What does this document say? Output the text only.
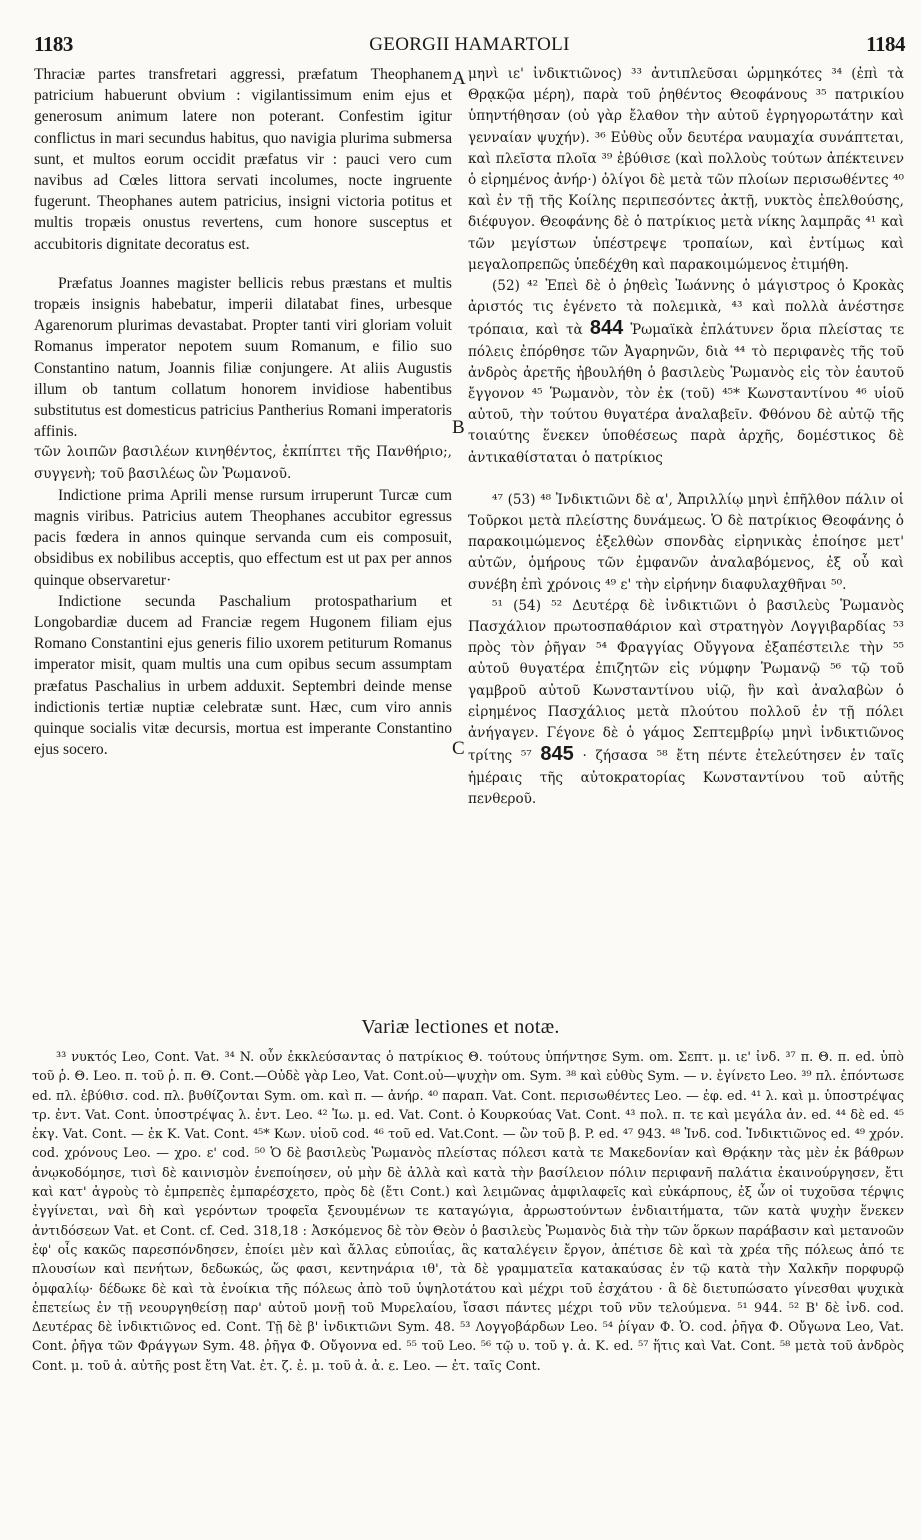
1183	GEORGII HAMARTOLI	1184

Thraciæ partes transfretari aggressi, præfatum Theophanem patricium habuerunt obvium : vigilantissimum enim ejus et generosum animum latere non poterant. Confestim igitur conflictus in mari secundus habitus, quo navigia plurima submersa sunt, et multos eorum occidit præfatus vir : pauci vero cum navibus ad Cœles littora servati incolumes, nocte ingruente fugerunt. Theophanes autem patricius, insigni victoria potitus et multis tropæis onustus revertens, cum honore susceptus et accubitoris dignitate decoratus est.

Præfatus Joannes magister bellicis rebus præstans et multis tropæis insignis habebatur, imperii dilatabat fines, urbesque Agarenorum plurimas devastabat. Propter tanti viri gloriam voluit Romanus imperator nepotem suum Romanum, e filio suo Constantino natum, Joannis filiæ conjungere. At aliis Augustis illum ob tantum collatum honorem invidiose habentibus substitutus est domesticus patricius Pantherius Romani imperatoris affinis.

τῶν λοιπῶν βασιλέων κινηθέντος, ἐκπίπτει τῆς Πανθήριο;, συγγενὴ; τοῦ βασιλέως ὢν Ῥωμανοῦ.

Indictione prima Aprili mense rursum irruperunt Turcæ cum magnis viribus. Patricius autem Theophanes accubitor egressus pacis fœdera in annos quinque servanda cum eis composuit, obsidibus ex nobilibus acceptis, quo effectum est ut pax per annos quinque observaretur·

Indictione secunda Paschalium protospatharium et Longobardiæ ducem ad Franciæ regem Hugonem filiam ejus Romano Constantini ejus generis filio uxorem petiturum Romanus imperator misit, quam multis una cum opibus secum assumptam præfatus Paschalius in urbem adduxit. Septembri deinde mense indictionis tertiæ nuptiæ celebratæ sunt. Hæc, cum viro annis quinque socialis vitæ decursis, mortua est imperante Constantino ejus socero.

A
B
C

μηνὶ ιε' ἰνδικτιῶνος) ³³ ἀντιπλεῦσαι ὡρμηκότες ³⁴ (ἐπὶ τὰ Θρᾳκῷα μέρη), παρὰ τοῦ ῥηθέντος Θεοφάνους ³⁵ πατρικίου ὑπηντήθησαν (οὐ γὰρ ἔλαθον τὴν αὐτοῦ ἐγρηγορωτάτην καὶ γενναίαν ψυχήν). ³⁶ Εὐθὺς οὖν δευτέρα ναυμαχία συνάπτεται, καὶ πλεῖστα πλοῖα ³⁹ ἐβύθισε (καὶ πολλοὺς τούτων ἀπέκτεινεν ὁ εἰρημένος ἀνήρ·) ὀλίγοι δὲ μετὰ τῶν πλοίων περισωθέντες ⁴⁰ καὶ ἐν τῇ τῆς Κοίλης περιπεσόντες ἀκτῇ, νυκτὸς ἐπελθούσης, διέφυγον. Θεοφάνης δὲ ὁ πατρίκιος μετὰ νίκης λαμπρᾶς ⁴¹ καὶ τῶν μεγίστων ὑπέστρεψε τροπαίων, καὶ ἐντίμως καὶ μεγαλοπρεπῶς ὑπεδέχθη καὶ παρακοιμώμενος ἐτιμήθη.

(52) ⁴² Ἐπεὶ δὲ ὁ ῥηθεὶς Ἰωάννης ὁ μάγιστρος ὁ Κροκὰς ἀριστός τις ἐγένετο τὰ πολεμικὰ, ⁴³ καὶ πολλὰ ἀνέστησε τρόπαια, καὶ τὰ 844 Ῥωμαϊκὰ ἐπλάτυνεν ὅρια πλείστας τε πόλεις ἐπόρθησε τῶν Ἀγαρηνῶν, διὰ ⁴⁴ τὸ περιφανὲς τῆς τοῦ ἀνδρὸς ἀρετῆς ἠβουλήθη ὁ βασιλεὺς Ῥωμανὸς εἰς τὸν ἑαυτοῦ ἔγγονον ⁴⁵ Ῥωμανὸν, τὸν ἐκ (τοῦ) ⁴⁵* Κωνσταντίνου ⁴⁶ υἱοῦ αὐτοῦ, τὴν τούτου θυγατέρα ἀναλαβεῖν. Φθόνου δὲ αὐτῷ τῆς τοιαύτης ἕνεκεν ὑποθέσεως παρὰ ἀρχῆς, δομέστικος δὲ ἀντικαθίσταται ὁ πατρίκιος

⁴⁷ (53) ⁴⁸ Ἰνδικτιῶνι δὲ α', Ἀπριλλίῳ μηνὶ ἐπῆλθον πάλιν οἱ Τοῦρκοι μετὰ πλείστης δυνάμεως. Ὁ δὲ πατρίκιος Θεοφάνης ὁ παρακοιμώμενος ἐξελθὼν σπονδὰς εἰρηνικὰς ἐποίησε μετ' αὐτῶν, ὁμήρους τῶν ἐμφανῶν ἀναλαβόμενος, ἐξ οὗ καὶ συνέβη ἐπὶ χρόνοις ⁴⁹ ε' τὴν εἰρήνην διαφυλαχθῆναι ⁵⁰.

⁵¹ (54) ⁵² Δευτέρᾳ δὲ ἰνδικτιῶνι ὁ βασιλεὺς Ῥωμανὸς Πασχάλιον πρωτοσπαθάριον καὶ στρατηγὸν Λογγιβαρδίας ⁵³ πρὸς τὸν ῥῆγαν ⁵⁴ Φραγγίας Οὔγγονα ἐξαπέστειλε τὴν ⁵⁵ αὐτοῦ θυγατέρα ἐπιζητῶν εἰς νύμφην Ῥωμανῷ ⁵⁶ τῷ τοῦ γαμβροῦ αὐτοῦ Κωνσταντίνου υἱῷ, ἣν καὶ ἀναλαβὼν ὁ εἰρημένος Πασχάλιος μετὰ πλούτου πολλοῦ ἐν τῇ πόλει ἀνήγαγεν. Γέγονε δὲ ὁ γάμος Σεπτεμβρίῳ μηνὶ ἰνδικτιῶνος τρίτης ⁵⁷ 845 · ζήσασα ⁵⁸ ἔτη πέντε ἐτελεύτησεν ἐν ταῖς ἡμέραις τῆς αὐτοκρατορίας Κωνσταντίνου τοῦ αὐτῆς πενθεροῦ.

Variæ lectiones et notæ.

³³ νυκτός Leo, Cont. Vat. ³⁴ N. οὖν ἐκκλεύσαντας ὁ πατρίκιος Θ. τούτους ὑπήντησε Sym. om. Σεπτ. μ. ιε' ἰνδ. ³⁷ π. Θ. π. ed. ὑπὸ τοῦ ῥ. Θ. Leo. π. τοῦ ῥ. π. Θ. Cont.—Οὐδὲ γὰρ Leo, Vat. Cont.οὐ—ψυχὴν om. Sym. ³⁸ καὶ εὐθὺς Sym. — ν. ἐγίνετο Leo. ³⁹ πλ. ἐπόντωσε ed. πλ. ἐβύθισ. cod. πλ. βυθίζονται Sym. om. καὶ π. — ἀνήρ. ⁴⁰ παραπ. Vat. Cont. περισωθέντες Leo. — ἐφ. ed. ⁴¹ λ. καὶ μ. ὑποστρέψας τρ. ἐντ. Vat. Cont. ὑποστρέψας λ. ἐντ. Leo. ⁴² Ἰω. μ. ed. Vat. Cont. ὁ Κουρκούας Vat. Cont. ⁴³ πολ. π. τε καὶ μεγάλα ἀν. ed. ⁴⁴ δὲ ed. ⁴⁵ ἐκγ. Vat. Cont. — ἐκ K. Vat. Cont. ⁴⁵* Κων. υἱοῦ cod. ⁴⁶ τοῦ ed. Vat.Cont. — ὢν τοῦ β. P. ed. ⁴⁷ 943. ⁴⁸ Ἰνδ. cod. Ἰνδικτιῶνος ed. ⁴⁹ χρόν. cod. χρόνους Leo. — χρο. ε' cod. ⁵⁰ Ὁ δὲ βασιλεὺς Ῥωμανὸς πλείστας πόλεσι κατὰ τε Μακεδονίαν καὶ Θρᾴκην τὰς μὲν ἐκ βάθρων ἀνῳκοδόμησε, τισὶ δὲ καινισμὸν ἐνεποίησεν, οὐ μὴν δὲ ἀλλὰ καὶ κατὰ τὴν βασίλειον πόλιν περιφανῆ παλάτια ἐκαινούργησεν, ἔτι καὶ κατ' ἀγροὺς τὸ ἐμπρεπὲς ἐμπαρέσχετο, πρὸς δὲ (ἔτι Cont.) καὶ λειμῶνας ἀμφιλαφεῖς καὶ εὐκάρπους, ἐξ ὧν οἱ τυχοῦσα τέρψις ἐγγίνεται, ναὶ δὴ καὶ γερόντων τροφεῖα ξενουμένων τε καταγώγια, ἀρρωστούντων ἐνδιαιτήματα, τῶν κατὰ ψυχὴν ἕνεκεν ἀντιδόσεων Vat. et Cont. cf. Ced. 318,18 : Ἀσκόμενος δὲ τὸν Θεὸν ὁ βασιλεὺς Ῥωμανὸς διὰ τὴν τῶν ὅρκων παράβασιν καὶ μετανοῶν ἐφ' οἷς κακῶς παρεσπόνδησεν, ἐποίει μὲν καὶ ἄλλας εὐποιΐας, ἃς καταλέγειν ἔργον, ἀπέτισε δὲ καὶ τὰ χρέα τῆς πόλεως ἀπό τε πλουσίων καὶ πενήτων, δεδωκώς, ὥς φασι, κεντηνάρια ιθ', τὰ δὲ γραμματεῖα κατακαύσας ἐν τῷ κατὰ τὴν Χαλκῆν πορφυρῷ ὀμφαλίῳ· δέδωκε δὲ καὶ τὰ ἐνοίκια τῆς πόλεως ἀπὸ τοῦ ὑψηλοτάτου καὶ μέχρι τοῦ ἐσχάτου · ἃ δὲ διετυπώσατο γίνεσθαι ψυχικὰ ἐπετείως ἐν τῇ νεουργηθείσῃ παρ' αὐτοῦ μονῇ τοῦ Μυρελαίου, ἴσασι πάντες μέχρι τοῦ νῦν τελούμενα. ⁵¹ 944. ⁵² Β' δὲ ἰνδ. cod. Δευτέρας δὲ ἰνδικτιῶνος ed. Cont. Τῇ δὲ β' ἰνδικτιῶνι Sym. 48. ⁵³ Λογγοβάρδων Leo. ⁵⁴ ῥίγαν Φ. Ὁ. cod. ῥῆγα Φ. Οὔγωνα Leo, Vat. Cont. ῥῆγα τῶν Φράγγων Sym. 48. ῥῆγα Φ. Οὔγοννα ed. ⁵⁵ τοῦ Leo. ⁵⁶ τῷ υ. τοῦ γ. ἀ. K. ed. ⁵⁷ ἥτις καὶ Vat. Cont. ⁵⁸ μετὰ τοῦ ἀνδρὸς Cont. μ. τοῦ ἀ. αὐτῆς post ἔτη Vat. ἐτ. ζ. ἐ. μ. τοῦ ἀ. ἀ. ε. Leo. — ἐτ. ταῖς Cont.
